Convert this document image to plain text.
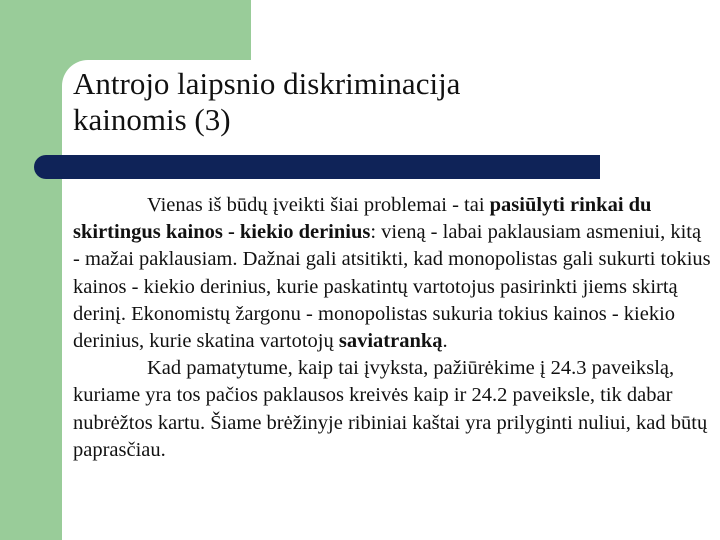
Antrojo laipsnio diskriminacija
kainomis (3)

Vienas iš būdų įveikti šiai problemai - tai pasiūlyti rinkai du skirtingus kainos - kiekio derinius: vieną - labai paklausiam asmeniui, kitą - mažai paklausiam. Dažnai gali atsitikti, kad monopolistas gali sukurti tokius kainos - kiekio derinius, kurie paskatintų vartotojus pasirinkti jiems skirtą derinį. Ekonomistų žargonu - monopolistas sukuria tokius kainos - kiekio derinius, kurie skatina vartotojų saviatranką.

Kad pamatytume, kaip tai įvyksta, pažiūrėkime į 24.3 paveikslą, kuriame yra tos pačios paklausos kreivės kaip ir 24.2 paveiksle, tik dabar nubrėžtos kartu. Šiame brėžinyje ribiniai kaštai yra prilyginti nuliui, kad būtų paprasčiau.
